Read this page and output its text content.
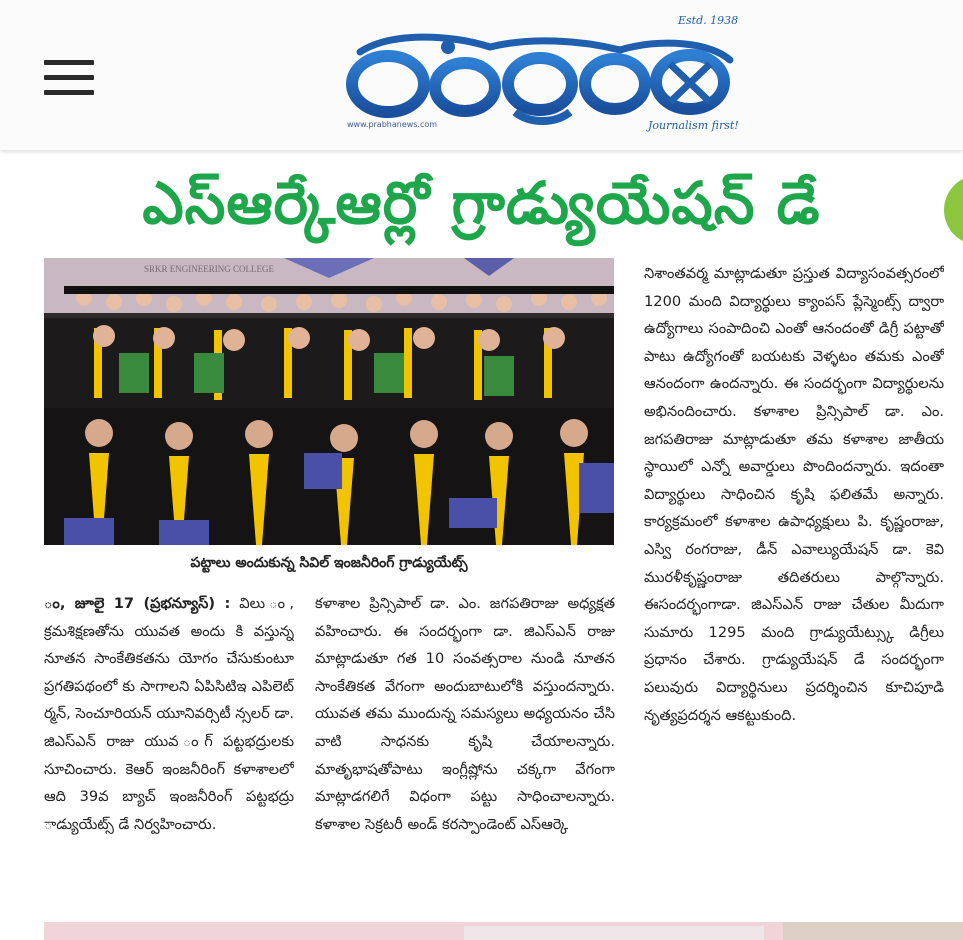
Estd. 1938
www.prabhanews.com	Journalism first!
ఎస్ఆర్కేఆర్లో గ్రాడ్యుయేషన్ డే
SRKR ENGINEERING COLLEGE
పట్టాలు అందుకున్న సివిల్ ఇంజనీరింగ్ గ్రాడ్యుయేట్స్

ం, జూలై 17 (ప్రభన్యూస్) : విలు ం, క్రమశిక్షణతోను యువత అందు కి వస్తున్న నూతన సాంకేతికతను యోగం చేసుకుంటూ ప్రగతిపథంలో కు సాగాలని ఏపిసిటిఇ ఎపిలెట్ ర్మన్, సెంచూరియన్ యూనివర్సిటీ న్సలర్ డా. జిఎస్ఎన్ రాజు యువ ంగ్ పట్టభద్రులకు సూచించారు. కెఆర్ ఇంజనీరింగ్ కళాశాలలో ఆది 39వ బ్యాచ్ ఇంజనీరింగ్ పట్టభద్రు ాడ్యుయేట్స్ డే నిర్వహించారు.

కళాశాల ప్రిన్సిపాల్ డా. ఎం. జగపతిరాజు అధ్యక్షత వహించారు. ఈ సందర్భంగా డా. జిఎస్ఎన్ రాజు మాట్లాడుతూ గత 10 సంవత్సరాల నుండి నూతన సాంకేతికత వేగంగా అందుబాటులోకి వస్తుందన్నారు. యువత తమ ముందున్న సమస్యలు అధ్యయనం చేసి వాటి సాధనకు కృషి చేయాలన్నారు. మాతృభాషతోపాటు ఇంగ్లీష్లోను చక్కగా వేగంగా మాట్లాడగలిగే విధంగా పట్టు సాధించాలన్నారు. కళాశాల సెక్రటరీ అండ్ కరస్పాండెంట్ ఎస్ఆర్కె

నిశాంతవర్మ మాట్లాడుతూ ప్రస్తుత విద్యాసంవత్సరంలో 1200 మంది విద్యార్థులు క్యాంపస్ ప్లేస్మెంట్స్ ద్వారా ఉద్యోగాలు సంపాదించి ఎంతో ఆనందంతో డిగ్రీ పట్టాతో పాటు ఉద్యోగంతో బయటకు వెళ్ళటం తమకు ఎంతో ఆనందంగా ఉందన్నారు. ఈ సందర్భంగా విద్యార్థులను అభినందించారు. కళాశాల ప్రిన్సిపాల్ డా. ఎం. జగపతిరాజు మాట్లాడుతూ తమ కళాశాల జాతీయ స్థాయిలో ఎన్నో అవార్డులు పొందిందన్నారు. ఇదంతా విద్యార్థులు సాధించిన కృషి ఫలితమే అన్నారు. కార్యక్రమంలో కళాశాల ఉపాధ్యక్షులు పి. కృష్ణంరాజు, ఎస్వి రంగరాజు, డీన్ ఎవాల్యుయేషన్ డా. కెవి మురళీకృష్ణంరాజు తదితరులు పాల్గొన్నారు. ఈసందర్భంగాడా. జిఎస్ఎన్ రాజు చేతుల మీదుగా సుమారు 1295 మంది గ్రాడ్యుయేట్స్కు డిగ్రీలు ప్రధానం చేశారు. గ్రాడ్యుయేషన్ డే సందర్భంగా పలువురు విద్యార్థినులు ప్రదర్శించిన కూచిపూడి నృత్యప్రదర్శన ఆకట్టుకుంది.
